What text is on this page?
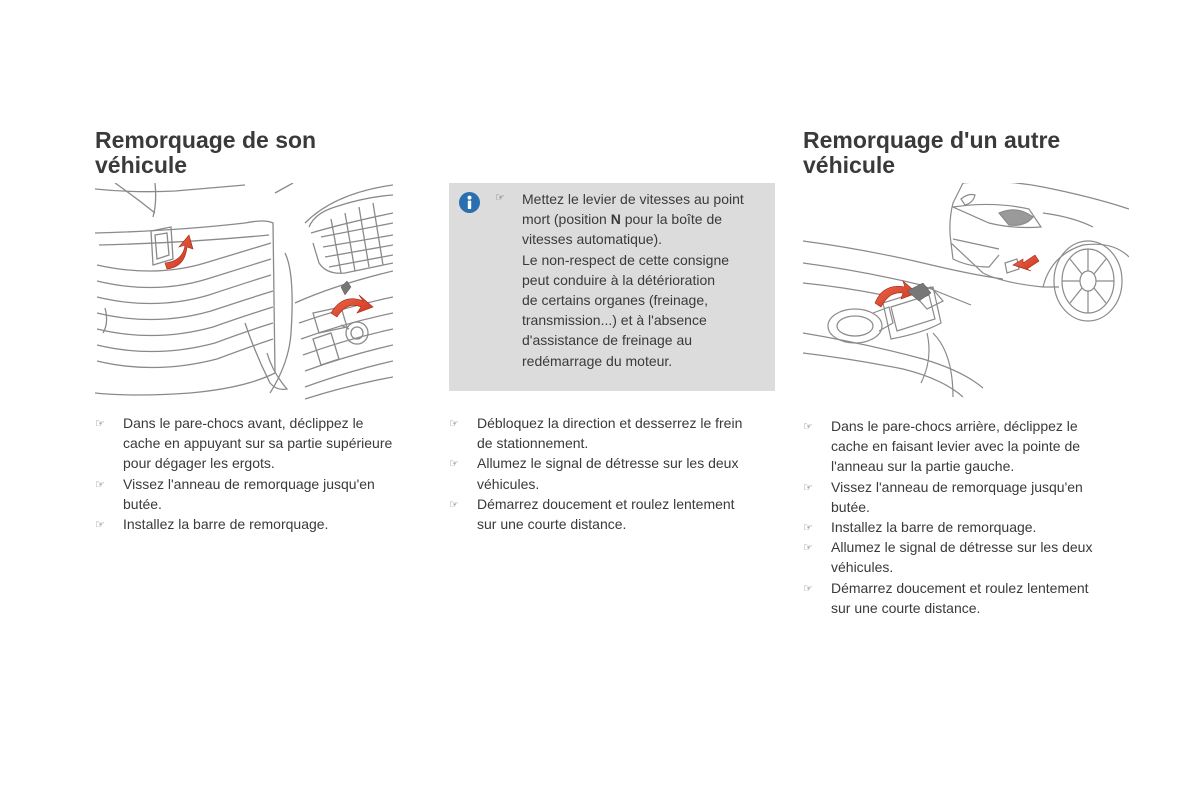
Remorquage de son
véhicule
☞ Dans le pare-chocs avant, déclippez le
cache en appuyant sur sa partie supérieure
pour dégager les ergots.
☞ Vissez l'anneau de remorquage jusqu'en
butée.
☞ Installez la barre de remorquage.
☞ Mettez le levier de vitesses au point
mort (position N pour la boîte de
vitesses automatique).
Le non-respect de cette consigne
peut conduire à la détérioration
de certains organes (freinage,
transmission...) et à l'absence
d'assistance de freinage au
redémarrage du moteur.
☞ Débloquez la direction et desserrez le frein
de stationnement.
☞ Allumez le signal de détresse sur les deux
véhicules.
☞ Démarrez doucement et roulez lentement
sur une courte distance.
Remorquage d'un autre
véhicule
☞ Dans le pare-chocs arrière, déclippez le
cache en faisant levier avec la pointe de
l'anneau sur la partie gauche.
☞ Vissez l'anneau de remorquage jusqu'en
butée.
☞ Installez la barre de remorquage.
☞ Allumez le signal de détresse sur les deux
véhicules.
☞ Démarrez doucement et roulez lentement
sur une courte distance.
